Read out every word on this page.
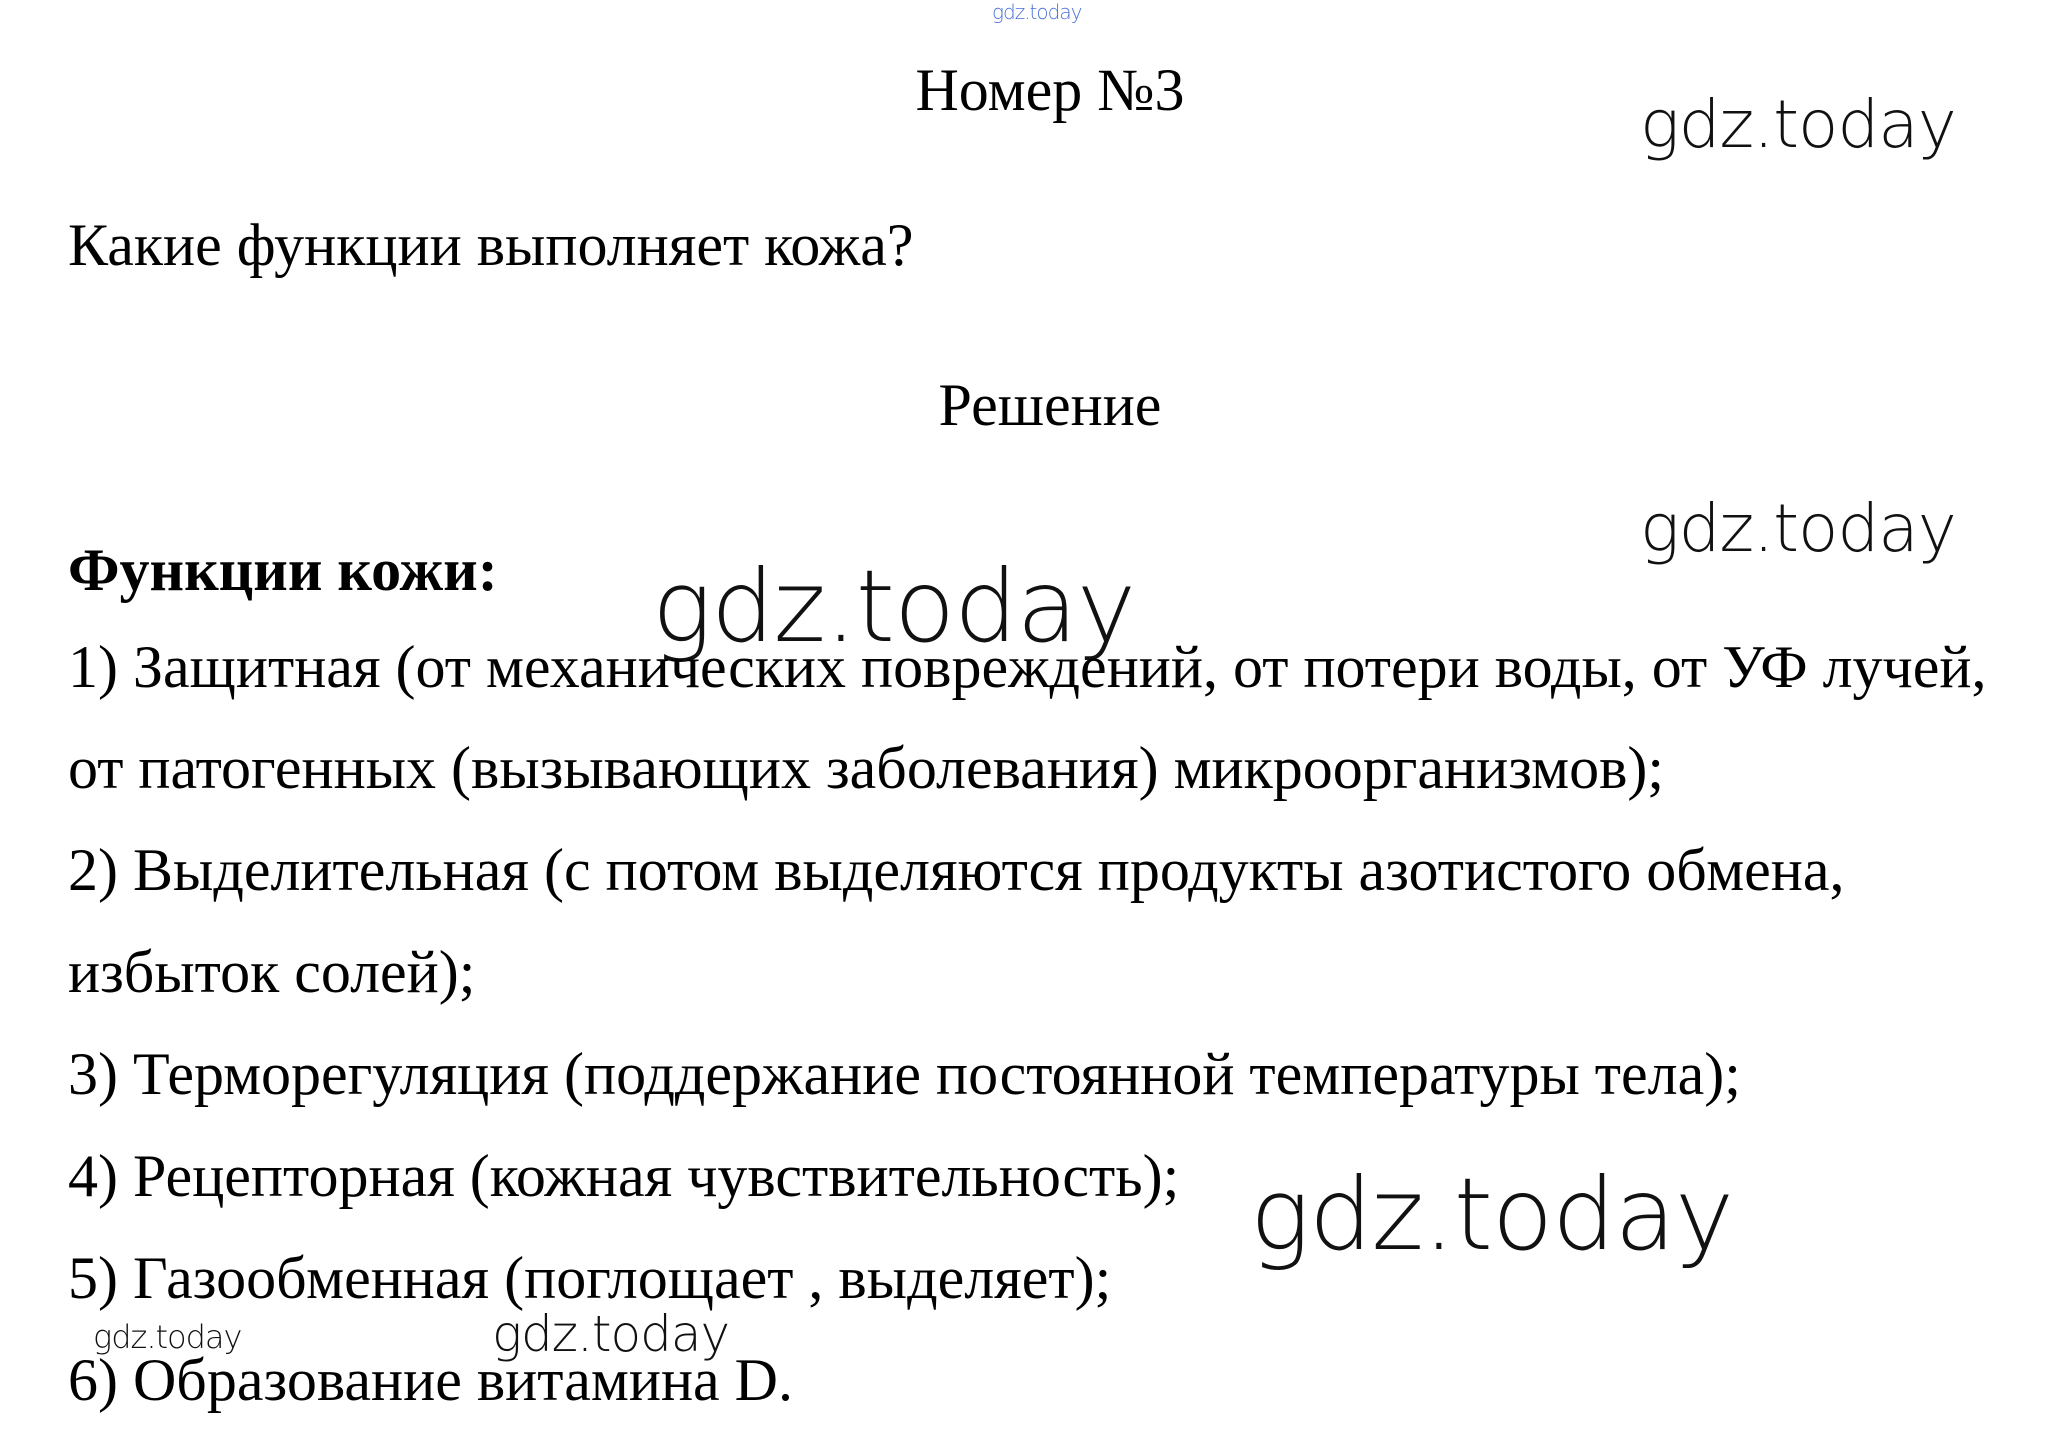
gdz.today
gdz.today
gdz.today
gdz.today
gdz.today
gdz.today	gdz.today
Номер №3

Какие функции выполняет кожа?

Решение

Функции кожи:

1) Защитная (от механических повреждений, от потери воды, от УФ лучей,

от патогенных (вызывающих заболевания) микроорганизмов);

2) Выделительная (с потом выделяются продукты азотистого обмена,

избыток солей);

3) Терморегуляция (поддержание постоянной температуры тела);

4) Рецепторная (кожная чувствительность);

5) Газообменная (поглощает , выделяет);

6) Образование витамина D.
